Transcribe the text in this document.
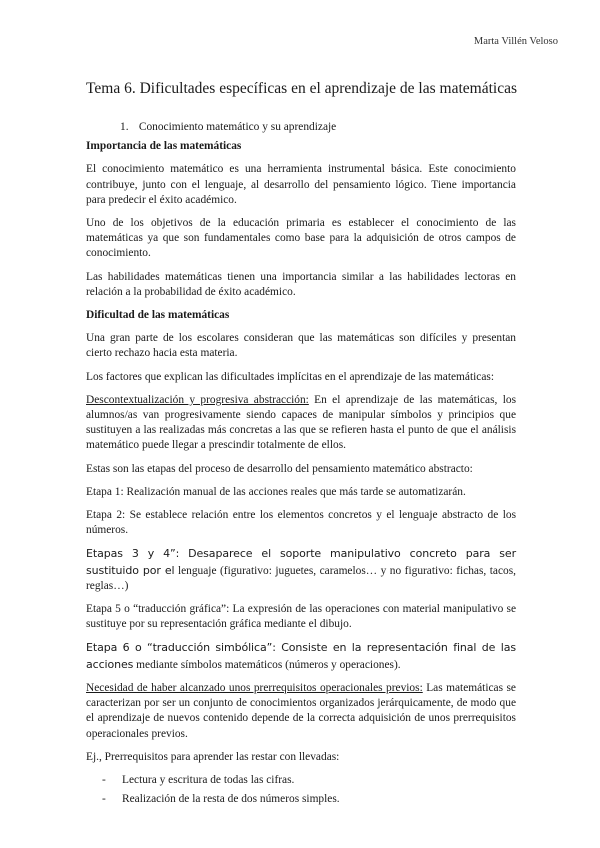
Marta Villén Veloso
Tema 6. Dificultades específicas en el aprendizaje de las matemáticas
1. Conocimiento matemático y su aprendizaje
Importancia de las matemáticas

El conocimiento matemático es una herramienta instrumental básica. Este conocimiento contribuye, junto con el lenguaje, al desarrollo del pensamiento lógico. Tiene importancia para predecir el éxito académico.

Uno de los objetivos de la educación primaria es establecer el conocimiento de las matemáticas ya que son fundamentales como base para la adquisición de otros campos de conocimiento.

Las habilidades matemáticas tienen una importancia similar a las habilidades lectoras en relación a la probabilidad de éxito académico.

Dificultad de las matemáticas

Una gran parte de los escolares consideran que las matemáticas son difíciles y presentan cierto rechazo hacia esta materia.

Los factores que explican las dificultades implícitas en el aprendizaje de las matemáticas:

Descontextualización y progresiva abstracción: En el aprendizaje de las matemáticas, los alumnos/as van progresivamente siendo capaces de manipular símbolos y principios que sustituyen a las realizadas más concretas a las que se refieren hasta el punto de que el análisis matemático puede llegar a prescindir totalmente de ellos.

Estas son las etapas del proceso de desarrollo del pensamiento matemático abstracto:

Etapa 1: Realización manual de las acciones reales que más tarde se automatizarán.

Etapa 2: Se establece relación entre los elementos concretos y el lenguaje abstracto de los números.

Etapas 3 y 4”: Desaparece el soporte manipulativo concreto para ser sustituido por el lenguaje (figurativo: juguetes, caramelos… y no figurativo: fichas, tacos, reglas…)

Etapa 5 o “traducción gráfica”: La expresión de las operaciones con material manipulativo se sustituye por su representación gráfica mediante el dibujo.

Etapa 6 o “traducción simbólica”: Consiste en la representación final de las acciones mediante símbolos matemáticos (números y operaciones).

Necesidad de haber alcanzado unos prerrequisitos operacionales previos: Las matemáticas se caracterizan por ser un conjunto de conocimientos organizados jerárquicamente, de modo que el aprendizaje de nuevos contenido depende de la correcta adquisición de unos prerrequisitos operacionales previos.

Ej., Prerrequisitos para aprender las restar con llevadas:

- Lectura y escritura de todas las cifras.
- Realización de la resta de dos números simples.
